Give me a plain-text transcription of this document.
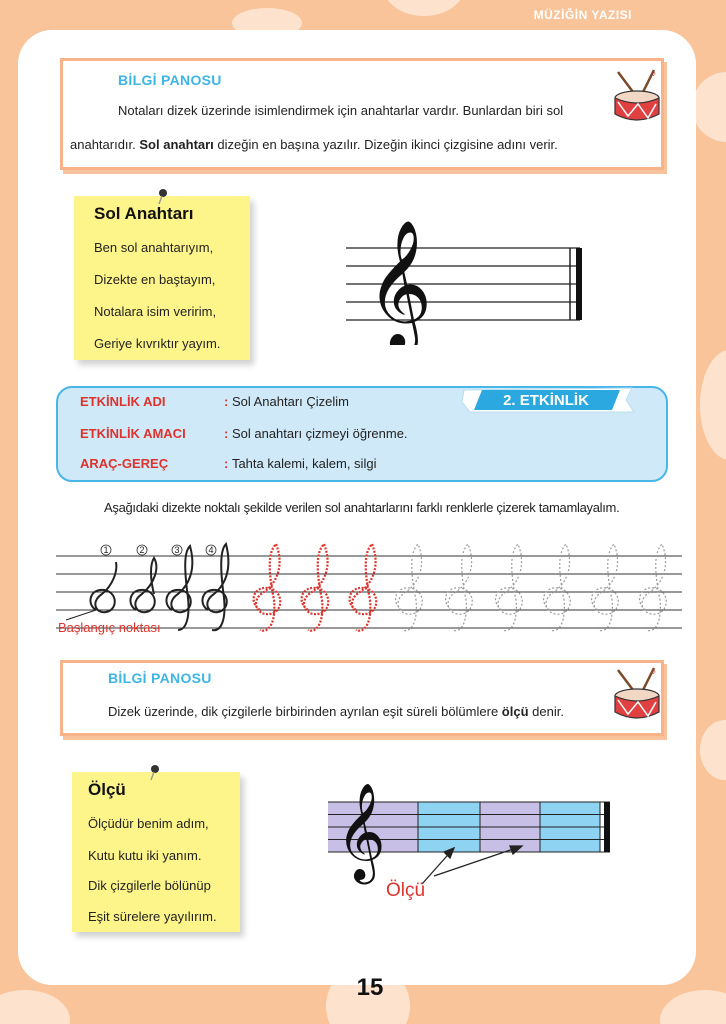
MÜZİĞİN YAZISI
BİLGİ PANOSU
Notaları dizek üzerinde isimlendirmek için anahtarlar vardır. Bunlardan biri sol
anahtarıdır. Sol anahtarı dizeğin en başına yazılır. Dizeğin ikinci çizgisine adını verir.
♪
Sol Anahtarı
Ben sol anahtarıyım,
Dizekte en baştayım,
Notalara isim veririm,
Geriye kıvrıktır yayım. 𝄞
ETKİNLİK ADI	: Sol Anahtarı Çizelim
ETKİNLİK AMACI	: Sol anahtarı çizmeyi öğrenme.
ARAÇ-GEREÇ	: Tahta kalemi, kalem, silgi
2. ETKİNLİK
Aşağıdaki dizekte noktalı şekilde verilen sol anahtarlarını farklı renklerle çizerek tamamlayalım.
1	2	3	4
Başlangıç noktası
BİLGİ PANOSU
Dizek üzerinde, dik çizgilerle birbirinden ayrılan eşit süreli bölümlere ölçü denir.
♪
Ölçü
Ölçüdür benim adım,
Kutu kutu iki yanım.
Dik çizgilerle bölünüp
Eşit sürelere yayılırım.
𝄞
Ölçü
15
